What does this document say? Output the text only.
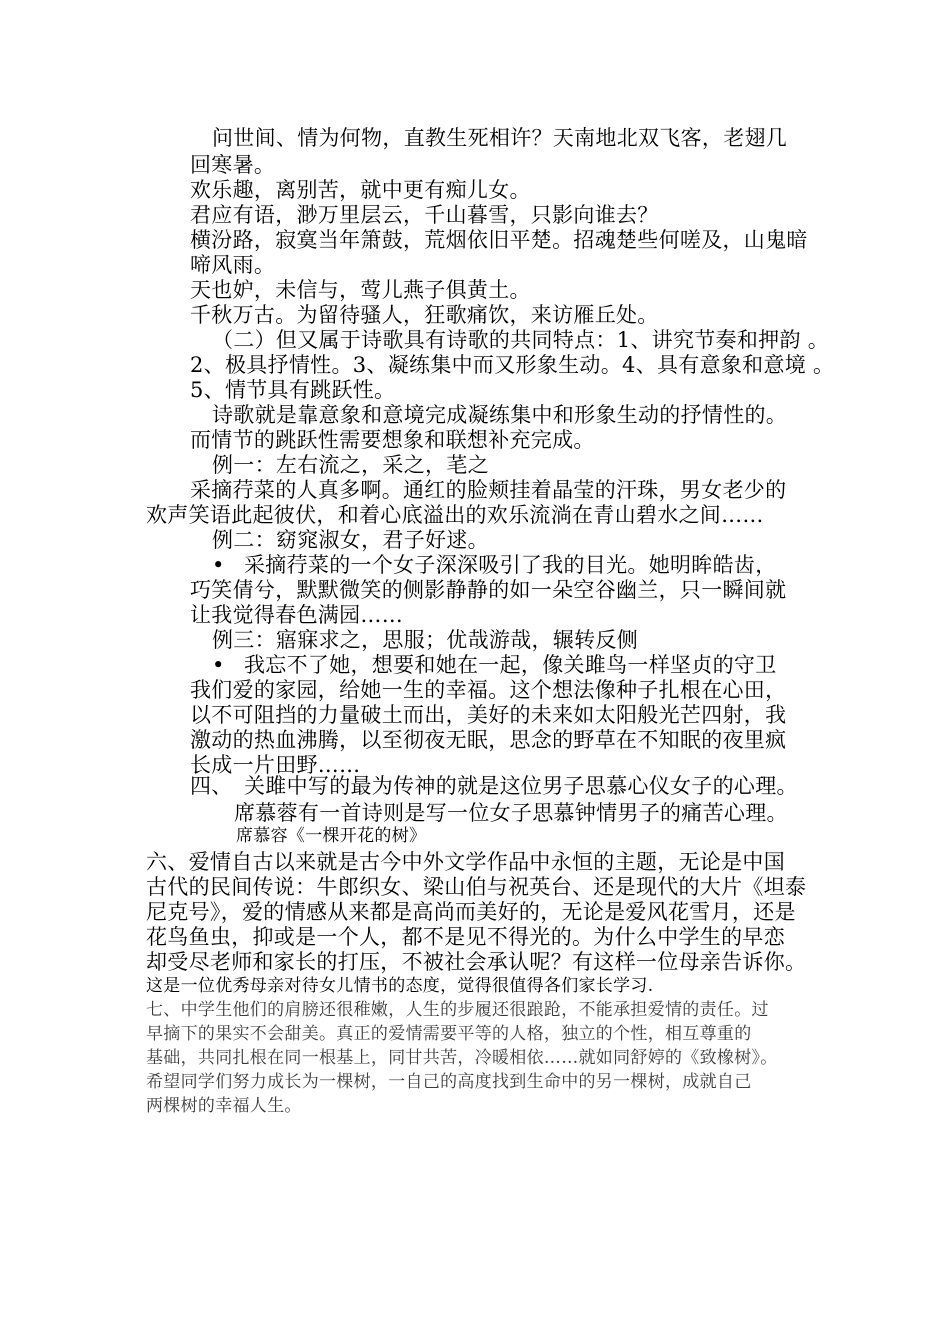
问世间、情为何物，直教生死相许？天南地北双飞客，老翅几
回寒暑。
欢乐趣，离别苦，就中更有痴儿女。
君应有语，渺万里层云，千山暮雪，只影向谁去？
横汾路，寂寞当年箫鼓，荒烟依旧平楚。招魂楚些何嗟及，山鬼暗
啼风雨。
天也妒，未信与，莺儿燕子俱黄土。
千秋万古。为留待骚人，狂歌痛饮，来访雁丘处。
（二）但又属于诗歌具有诗歌的共同特点：1、讲究节奏和押韵 。
2、极具抒情性。3、凝练集中而又形象生动。4、具有意象和意境 。
5、情节具有跳跃性。
诗歌就是靠意象和意境完成凝练集中和形象生动的抒情性的。
而情节的跳跃性需要想象和联想补充完成。
例一：左右流之，采之，芼之
采摘荇菜的人真多啊。通红的脸颊挂着晶莹的汗珠，男女老少的
欢声笑语此起彼伏，和着心底溢出的欢乐流淌在青山碧水之间……
例二：窈窕淑女，君子好逑。
• 采摘荇菜的一个女子深深吸引了我的目光。她明眸皓齿，
巧笑倩兮，默默微笑的侧影静静的如一朵空谷幽兰，只一瞬间就
让我觉得春色满园……
例三：寤寐求之，思服；优哉游哉，辗转反侧
• 我忘不了她，想要和她在一起，像关雎鸟一样坚贞的守卫
我们爱的家园，给她一生的幸福。这个想法像种子扎根在心田，
以不可阻挡的力量破土而出，美好的未来如太阳般光芒四射，我
激动的热血沸腾，以至彻夜无眠，思念的野草在不知眠的夜里疯
长成一片田野……
四、 关雎中写的最为传神的就是这位男子思慕心仪女子的心理。
席慕蓉有一首诗则是写一位女子思慕钟情男子的痛苦心理。
席慕容《一棵开花的树》
六、爱情自古以来就是古今中外文学作品中永恒的主题，无论是中国
古代的民间传说：牛郎织女、梁山伯与祝英台、还是现代的大片《坦泰
尼克号》，爱的情感从来都是高尚而美好的，无论是爱风花雪月，还是
花鸟鱼虫，抑或是一个人，都不是见不得光的。为什么中学生的早恋
却受尽老师和家长的打压，不被社会承认呢？有这样一位母亲告诉你。
这是一位优秀母亲对待女儿情书的态度，觉得很值得各们家长学习.
七、中学生他们的肩膀还很稚嫩，人生的步履还很踉跄，不能承担爱情的责任。过
早摘下的果实不会甜美。真正的爱情需要平等的人格，独立的个性，相互尊重的
基础，共同扎根在同一根基上，同甘共苦，冷暖相依……就如同舒婷的《致橡树》。
希望同学们努力成长为一棵树，一自己的高度找到生命中的另一棵树，成就自己
两棵树的幸福人生。
